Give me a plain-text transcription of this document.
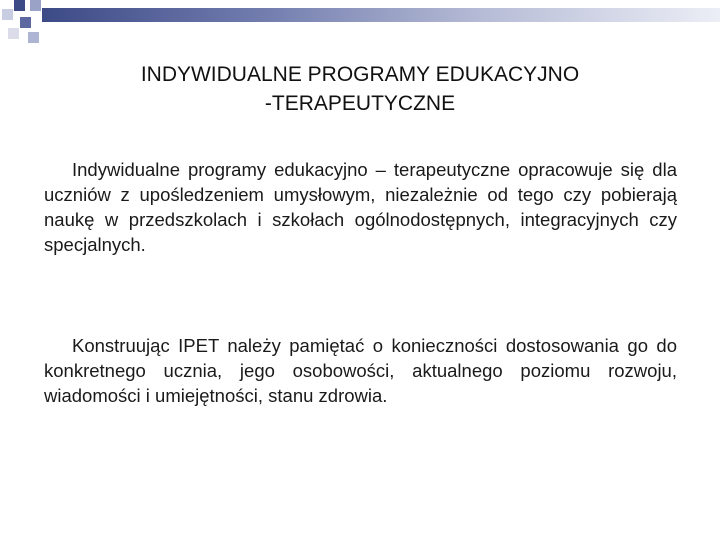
INDYWIDUALNE PROGRAMY EDUKACYJNO
-TERAPEUTYCZNE

Indywidualne programy edukacyjno – terapeutyczne opracowuje się dla uczniów z upośledzeniem umysłowym, niezależnie od tego czy pobierają naukę w przedszkolach i szkołach ogólnodostępnych, integracyjnych czy specjalnych.

Konstruując IPET należy pamiętać o konieczności dostosowania go do konkretnego ucznia, jego osobowości, aktualnego poziomu rozwoju, wiadomości i umiejętności, stanu zdrowia.
